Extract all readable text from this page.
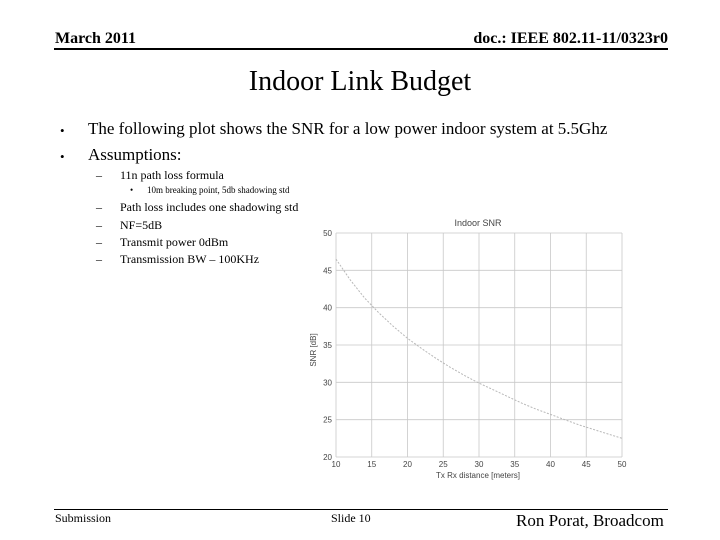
March 2011	doc.: IEEE 802.11-11/0323r0
Indoor Link Budget
• The following plot shows the SNR for a low power indoor system at 5.5Ghz
• Assumptions:
– 11n path loss formula
• 10m breaking point, 5db shadowing std
– Path loss includes one shadowing std
– NF=5dB
– Transmit power 0dBm
– Transmission BW – 100KHz
10	15	20	25	30	35	40	45	50
20
25
30
35
40
45
50
Indoor SNR
Tx Rx distance [meters]
SNR [dB]
Submission	Slide 10	Ron Porat, Broadcom
